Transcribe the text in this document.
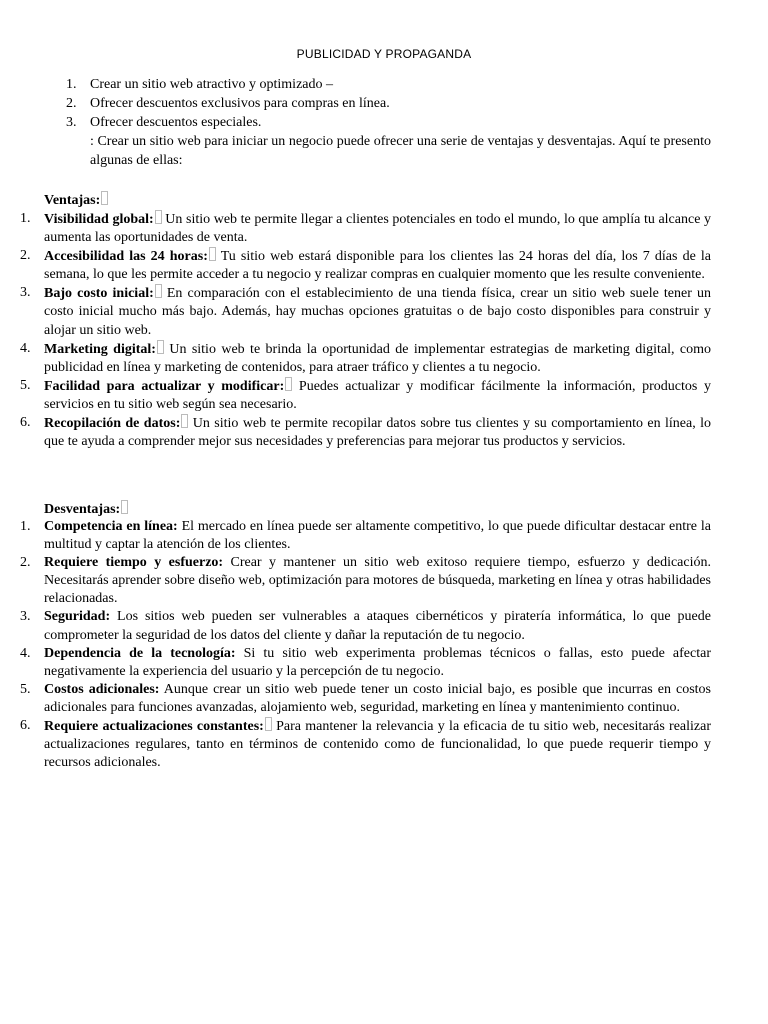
PUBLICIDAD Y PROPAGANDA
1. Crear un sitio web atractivo y optimizado –
2. Ofrecer descuentos exclusivos para compras en línea.
3. Ofrecer descuentos especiales.
: Crear un sitio web para iniciar un negocio puede ofrecer una serie de ventajas y desventajas. Aquí te presento algunas de ellas:
Ventajas:
1. Visibilidad global: Un sitio web te permite llegar a clientes potenciales en todo el mundo, lo que amplía tu alcance y aumenta las oportunidades de venta.
2. Accesibilidad las 24 horas: Tu sitio web estará disponible para los clientes las 24 horas del día, los 7 días de la semana, lo que les permite acceder a tu negocio y realizar compras en cualquier momento que les resulte conveniente.
3. Bajo costo inicial: En comparación con el establecimiento de una tienda física, crear un sitio web suele tener un costo inicial mucho más bajo. Además, hay muchas opciones gratuitas o de bajo costo disponibles para construir y alojar un sitio web.
4. Marketing digital: Un sitio web te brinda la oportunidad de implementar estrategias de marketing digital, como publicidad en línea y marketing de contenidos, para atraer tráfico y clientes a tu negocio.
5. Facilidad para actualizar y modificar: Puedes actualizar y modificar fácilmente la información, productos y servicios en tu sitio web según sea necesario.
6. Recopilación de datos: Un sitio web te permite recopilar datos sobre tus clientes y su comportamiento en línea, lo que te ayuda a comprender mejor sus necesidades y preferencias para mejorar tus productos y servicios.
Desventajas:
1. Competencia en línea: El mercado en línea puede ser altamente competitivo, lo que puede dificultar destacar entre la multitud y captar la atención de los clientes.
2. Requiere tiempo y esfuerzo: Crear y mantener un sitio web exitoso requiere tiempo, esfuerzo y dedicación. Necesitarás aprender sobre diseño web, optimización para motores de búsqueda, marketing en línea y otras habilidades relacionadas.
3. Seguridad: Los sitios web pueden ser vulnerables a ataques cibernéticos y piratería informática, lo que puede comprometer la seguridad de los datos del cliente y dañar la reputación de tu negocio.
4. Dependencia de la tecnología: Si tu sitio web experimenta problemas técnicos o fallas, esto puede afectar negativamente la experiencia del usuario y la percepción de tu negocio.
5. Costos adicionales: Aunque crear un sitio web puede tener un costo inicial bajo, es posible que incurras en costos adicionales para funciones avanzadas, alojamiento web, seguridad, marketing en línea y mantenimiento continuo.
6. Requiere actualizaciones constantes: Para mantener la relevancia y la eficacia de tu sitio web, necesitarás realizar actualizaciones regulares, tanto en términos de contenido como de funcionalidad, lo que puede requerir tiempo y recursos adicionales.
